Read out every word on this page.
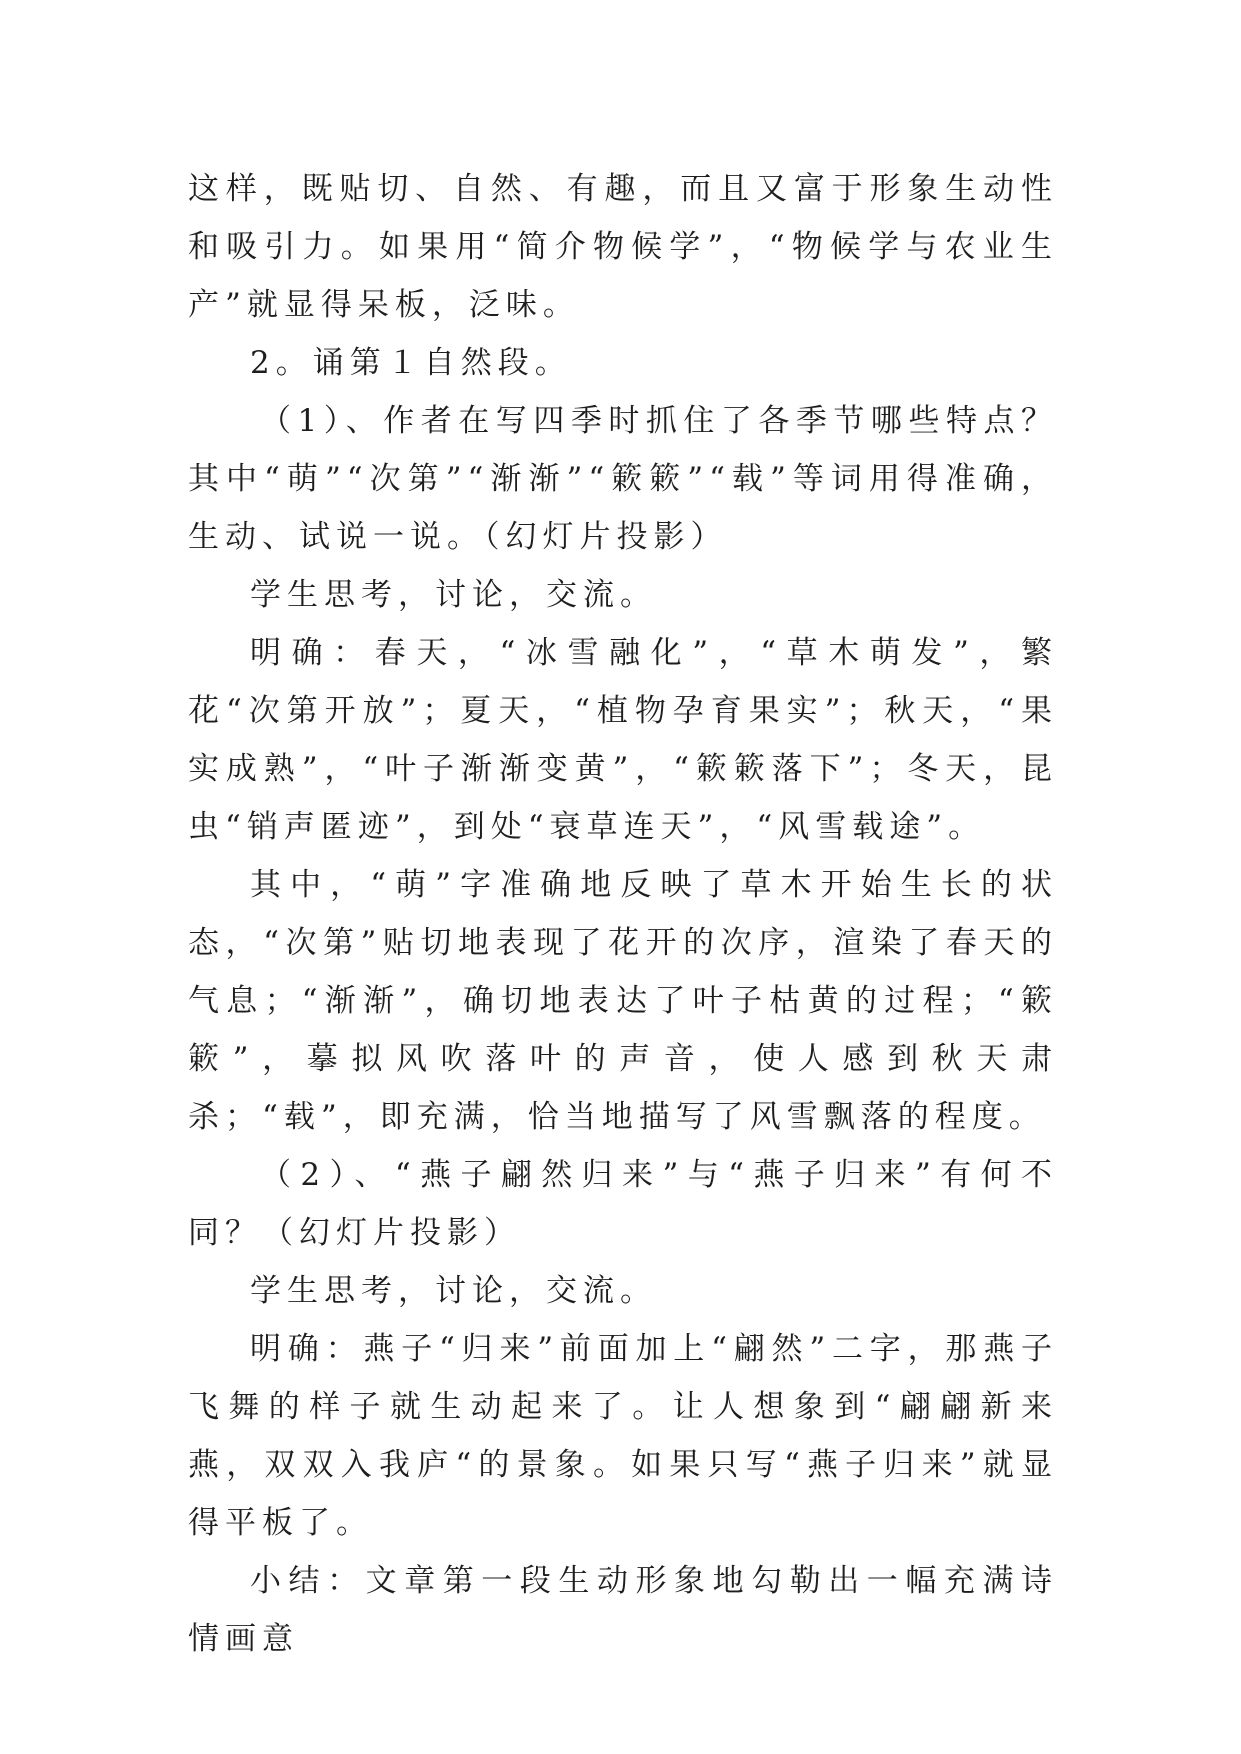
这样，既贴切、自然、有趣，而且又富于形象生动性和吸引力。如果用“简介物候学”，“物候学与农业生产”就显得呆板，泛味。

2。诵第１自然段。

（1）、作者在写四季时抓住了各季节哪些特点？其中“萌”“次第”“渐渐”“簌簌”“载”等词用得准确，生动、试说一说。（幻灯片投影）

学生思考，讨论，交流。

明确：春天，“冰雪融化”，“草木萌发”，繁花“次第开放”；夏天，“植物孕育果实”；秋天，“果实成熟”，“叶子渐渐变黄”，“簌簌落下”；冬天，昆虫“销声匿迹”，到处“衰草连天”，“风雪载途”。

其中，“萌”字准确地反映了草木开始生长的状态，“次第”贴切地表现了花开的次序，渲染了春天的气息；“渐渐”，确切地表达了叶子枯黄的过程；“簌簌”，摹拟风吹落叶的声音，使人感到秋天肃杀；“载”，即充满，恰当地描写了风雪飘落的程度。

（2）、“燕子翩然归来”与“燕子归来”有何不同？（幻灯片投影）

学生思考，讨论，交流。

明确：燕子“归来”前面加上“翩然”二字，那燕子飞舞的样子就生动起来了。让人想象到“翩翩新来燕，双双入我庐“的景象。如果只写“燕子归来”就显得平板了。

小结：文章第一段生动形象地勾勒出一幅充满诗情画意
